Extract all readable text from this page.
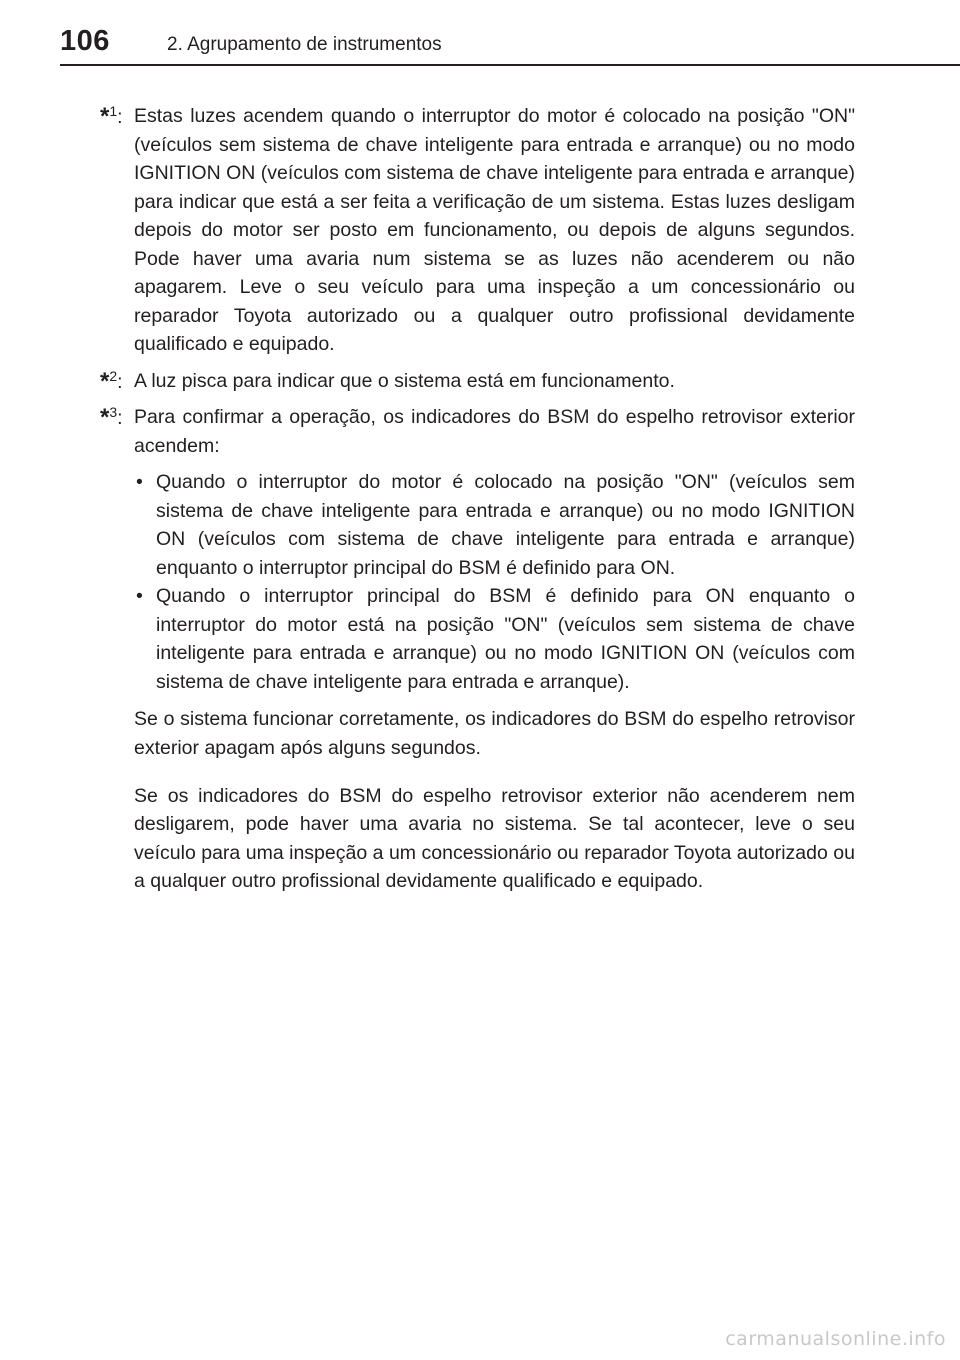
106	2. Agrupamento de instrumentos
*$^1$: Estas luzes acendem quando o interruptor do motor é colocado na posição "ON" (veículos sem sistema de chave inteligente para entrada e arranque) ou no modo IGNITION ON (veículos com sistema de chave inteligente para entrada e arranque) para indicar que está a ser feita a verificação de um sistema. Estas luzes desligam depois do motor ser posto em funcionamento, ou depois de alguns segundos. Pode haver uma avaria num sistema se as luzes não acenderem ou não apagarem. Leve o seu veículo para uma inspeção a um concessionário ou reparador Toyota autorizado ou a qualquer outro profissional devidamente qualificado e equipado.
*$^2$: A luz pisca para indicar que o sistema está em funcionamento.
*$^3$: Para confirmar a operação, os indicadores do BSM do espelho retrovisor exterior acendem:
• Quando o interruptor do motor é colocado na posição "ON" (veículos sem sistema de chave inteligente para entrada e arranque) ou no modo IGNITION ON (veículos com sistema de chave inteligente para entrada e arranque) enquanto o interruptor principal do BSM é definido para ON.
• Quando o interruptor principal do BSM é definido para ON enquanto o interruptor do motor está na posição "ON" (veículos sem sistema de chave inteligente para entrada e arranque) ou no modo IGNITION ON (veículos com sistema de chave inteligente para entrada e arranque).

Se o sistema funcionar corretamente, os indicadores do BSM do espelho retrovisor exterior apagam após alguns segundos.

Se os indicadores do BSM do espelho retrovisor exterior não acenderem nem desligarem, pode haver uma avaria no sistema. Se tal acontecer, leve o seu veículo para uma inspeção a um concessionário ou reparador Toyota autorizado ou a qualquer outro profissional devidamente qualificado e equipado.

carmanualsonline.info
